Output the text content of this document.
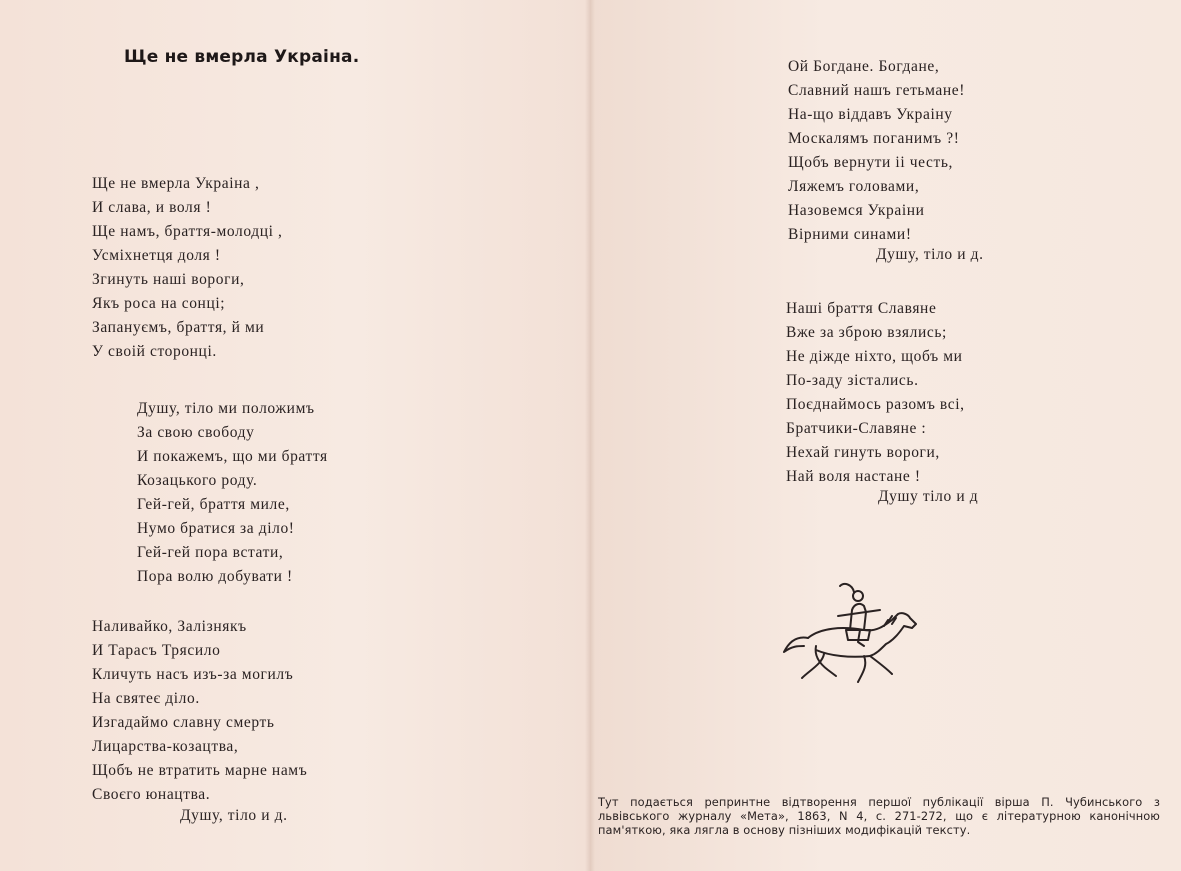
Ще не вмерла Украіна.
Ще не вмерла Украіна ,
И слава, и воля !
Ще намъ, браття-молодці ,
Усміхнетця доля !
Згинуть наші вороги,
Якъ роса на сонці;
Запануємъ, браття, й ми
У своій сторонці.
Душу, тіло ми положимъ
За свою свободу
И покажемъ, що ми браття
Козацького роду.
Гей-гей, браття миле,
Нумо братися за діло!
Гей-гей пора встати,
Пора волю добувати !
Наливайко, Залізнякъ
И Тарасъ Трясило
Кличуть насъ изъ-за могилъ
На святеє діло.
Изгадаймо славну смерть
Лицарства-козацтва,
Щобъ не втратить марне намъ
Своєго юнацтва.
Душу, тіло и д.
Ой Богдане. Богдане,
Славний нашъ гетьмане!
На-що віддавъ Украіну
Москалямъ поганимъ ?!
Щобъ вернути іі честь,
Ляжемъ головами,
Назовемся Украіни
Вірними синами!
Душу, тіло и д.
Наші браття Славяне
Вже за зброю взялись;
Не діжде ніхто, щобъ ми
По-заду зістались.
Поєднаймось разомъ всі,
Братчики-Славяне :
Нехай гинуть вороги,
Най воля настане !
Душу тіло и д

Тут подається репринтне відтворення першої публікації вірша П. Чубинського з львівського журналу «Мета», 1863, N 4, с. 271-272, що є літературною канонічною пам'яткою, яка лягла в основу пізніших модифікацій тексту.
